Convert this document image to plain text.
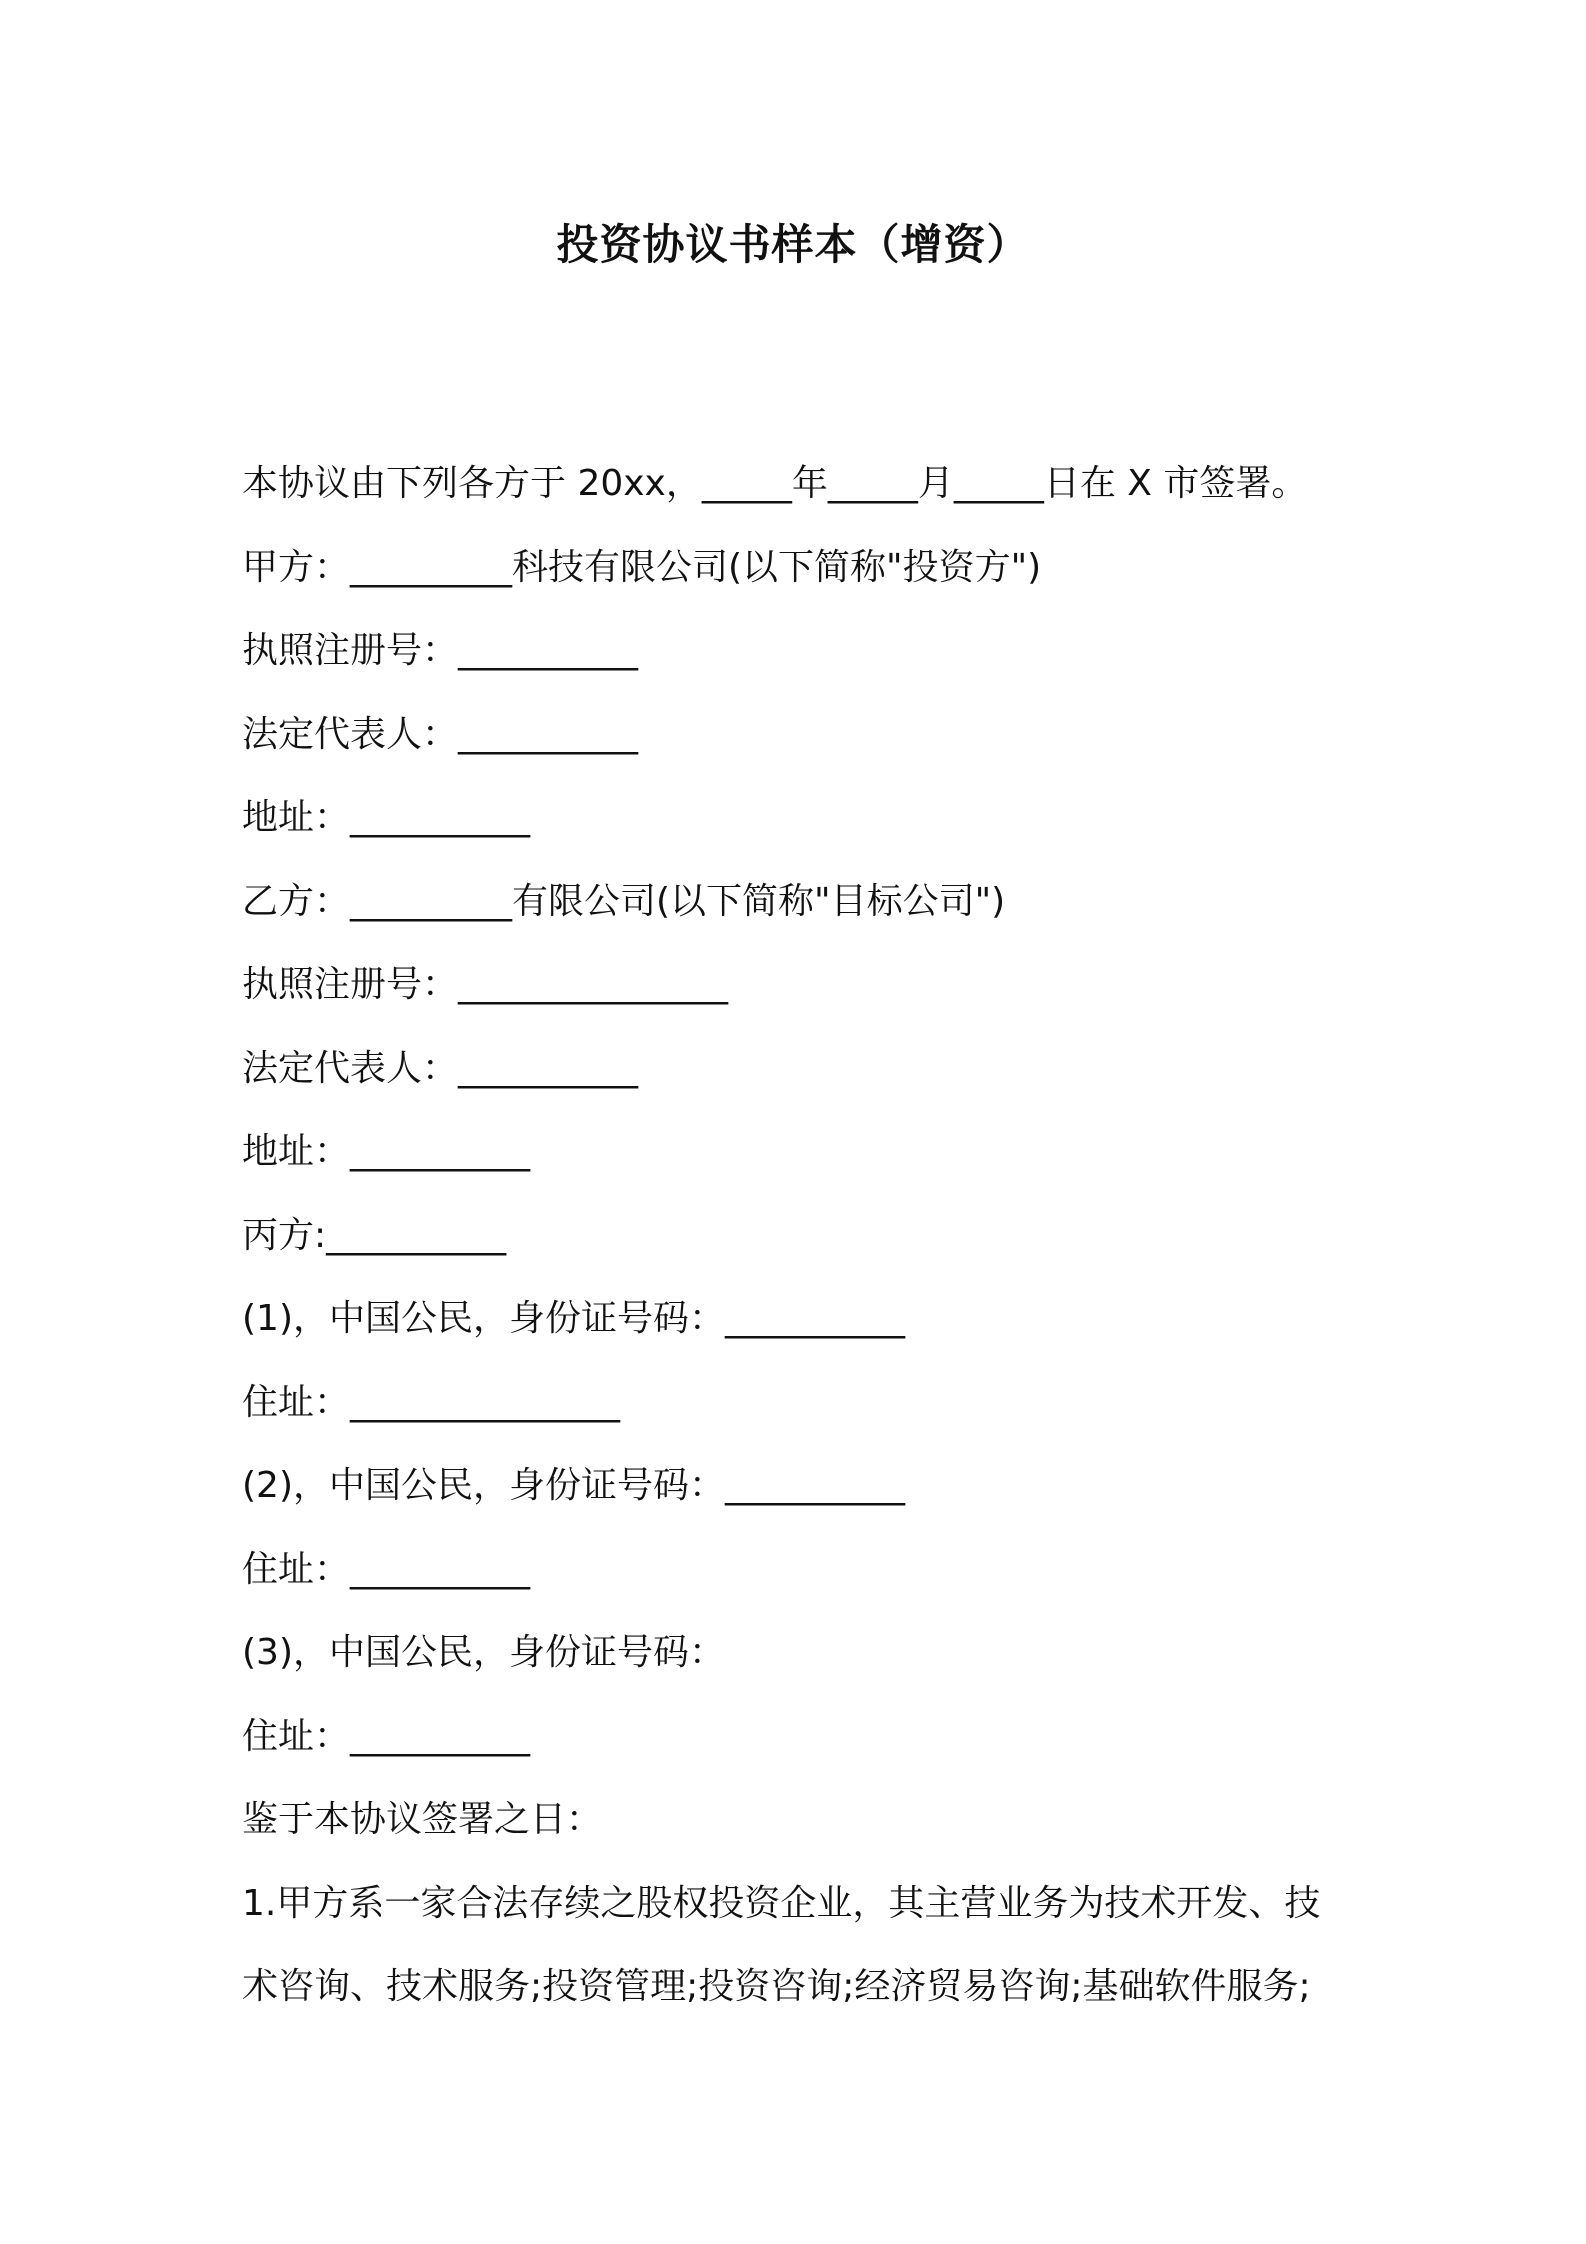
投资协议书样本（增资）

本协议由下列各方于 20xx，_____年_____月_____日在 X 市签署。

甲方：_________科技有限公司(以下简称"投资方")

执照注册号：__________

法定代表人：__________

地址：__________

乙方：_________有限公司(以下简称"目标公司")

执照注册号：_______________

法定代表人：__________

地址：__________

丙方:__________

(1)，中国公民，身份证号码：__________

住址：_______________

(2)，中国公民，身份证号码：__________

住址：__________

(3)，中国公民，身份证号码：

住址：__________

鉴于本协议签署之日：

1.甲方系一家合法存续之股权投资企业，其主营业务为技术开发、技

术咨询、技术服务;投资管理;投资咨询;经济贸易咨询;基础软件服务;
